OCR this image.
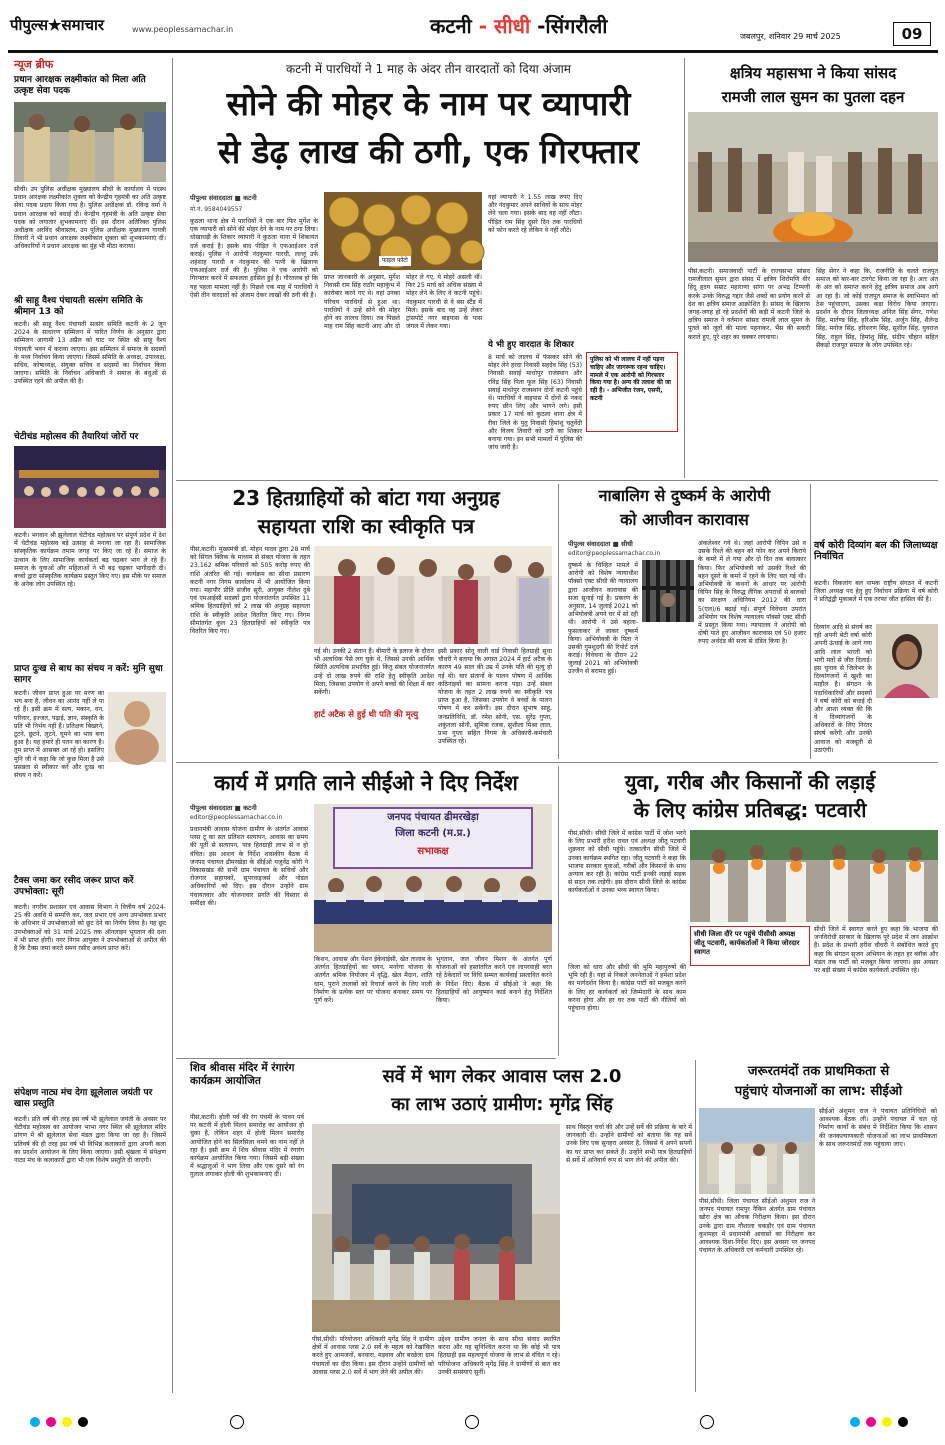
पीपुल्स★समाचार	www.peoplessamachar.in	कटनी - सीधी -सिंगरौली	जबलपुर, शनिवार 29 मार्च 2025	09
न्यूज ब्रीफ
प्रधान आरक्षक लक्ष्मीकांत को मिला अति उत्कृष्ट सेवा पदक
सीधी। उप पुलिस अधीक्षक मुख्यालय सीधी के कार्यालय में पदस्थ प्रधान आरक्षक लक्ष्मीकांत शुक्ला को केन्द्रीय गृहमंत्री का अति उत्कृष्ट सेवा पदक प्रदाय किया गया है। पुलिस अधीक्षक डॉ. रविन्द्र वर्मा ने प्रधान आरक्षक को बधाई दी। केन्द्रीय गृहमंत्री के अति उत्कृष्ट सेवा पदक को लगातार शुभकामनाएं दीं। इस दौरान अतिरिक्त पुलिस अधीक्षक अरविंद श्रीवास्तव, उप पुलिस अधीक्षक मुख्यालय गायत्री तिवारी ने भी प्रधान आरक्षक लक्ष्मीकांत शुक्ला को शुभकामनाएं दीं। अधिकारियों ने प्रधान आरक्षक का मुंह भी मीठा कराया।
श्री साहू वैश्य पंचायती सत्संग समिति के श्रीमान 13 को
कटनी। श्री साहू वैश्य पंचायती सत्संग समिति कटनी के 2 जून 2024 के साधारण सम्मिलन में पारित निर्णय के अनुसार द्वारा सम्मिलन आगामी 13 अप्रैल को घाट पर स्थित श्री साहू वैश्य पंचायती भवन में कराया जाएगा। इस सम्मिलन में समाज के सदस्यों के मध्य निर्वाचन किया जाएगा। जिसमें समिति के अध्यक्ष, उपाध्यक्ष, सचिव, कोषाध्यक्ष, संयुक्त सचिव व सदस्यों का निर्वाचन किया जाएगा। समिति के निर्वाचन अधिकारी ने समाज के बंधुओं से उपस्थित रहने की अपील की है।
चेटीचंड महोत्सव की तैयारियां जोरों पर
कटनी। भगवान श्री झूलेलाल चेटीचंड महोत्सव पर संपूर्ण प्रदेश में देश में चेटीचंड महोत्सव बड़े उत्साह से मनाया जा रहा है। सामाजिक सांस्कृतिक कार्यक्रम तमाम जगह पर किए जा रहे हैं। समाज के उत्थान के लिए सामाजिक कार्यकर्ता बढ़ चढ़कर भाग ले रहे हैं। समाज के युवाओं और महिलाओं ने भी बढ़ चढ़कर भागीदारी दी। बच्चों द्वारा सांस्कृतिक कार्यक्रम प्रस्तुत किए गए। इस मौके पर समाज के अनेक लोग उपस्थित रहे।
प्राप्त दुःख से बाध का संचय न करें: मुनि सुधा सागर
कटनी। जीवन प्राप्त हुआ पर मरण का भय बना है, जीवन का आनंद नहीं ले पा रहे हैं। इसी क्रम में सत्य, मकान, धन, परिवार, इज्जत, पढ़ाई, ज्ञान, संस्कृति के प्रति भी निर्भय नहीं हैं। प्रतिक्षण बिखरने, टूटने, छूटने, लुटने, घूमने का भाव बना हुआ है। यह हमारे ही पतन का कारण है। तुम प्राप्त में आसक्त आ रहे हो। इसलिए मुनि जी ने कहा कि जो कुछ मिला है उसे प्रसन्नता से स्वीकार करें और दुःख का संचय न करें।
टैक्स जमा कर रसीद जरूर प्राप्त करें उपभोक्ता: सूरी
कटनी। नगरीय प्रशासन एवं आवास विभाग ने वित्तीय वर्ष 2024-25 की अवधि में सम्पत्ति कर, जल प्रभार एवं अन्य उपभोक्ता प्रभार के अधिभार में उपभोक्ताओं को छूट देने का निर्णय लिया है। यह छूट उपभोक्ताओं को 31 मार्च 2025 तक ऑनलाइन भुगतान की दशा में भी प्राप्त होगी। नगर निगम आयुक्त ने उपभोक्ताओं से अपील की है कि टैक्स जमा करते समय रसीद अवश्य प्राप्त करें।
संपेक्षण नाट्य मंच देगा झूलेलाल जयंती पर खास प्रस्तुति
कटनी। प्रति वर्ष की तरह इस वर्ष भी झूलेलाल जयंती के अवसर पर चेटीचंड महोत्सव का आयोजन भाभा नगर स्थित श्री झूलेलाल मंदिर प्रांगण में श्री झूलेलाल सेवा मंडल द्वारा किया जा रहा है। जिसमें प्रतिवर्ष की ही तरह इस वर्ष भी विभिन्न कलाकारों द्वारा अपनी कला का प्रदर्शन आयोजन के लिए किया जाएगा। इसी श्रृंखला में संपेक्षण नाट्य मंच के कलाकारों द्वारा भी एक विशेष प्रस्तुति दी जाएगी।
कटनी में पारधियों ने 1 माह के अंदर तीन वारदातों को दिया अंजाम
सोने की मोहर के नाम पर व्यापारी
से डेढ़ लाख की ठगी, एक गिरफ्तार
पीपुल्स संवाददाता ■ कटनी
मो.नं. 9584049557
फाइल फोटो
कुठला थाना क्षेत्र में पारधियों ने एक बार फिर मुर्गेश के एक व्यापारी को सोने की मोहर देने के नाम पर ठगा लिया। धोखाधड़ी के शिकार व्यापारी ने कुठला थाना में शिकायत दर्ज कराई है। इसके बाद पीड़ित ने एफआईआर दर्ज कराई। पुलिस ने आरोपी नंदकुमार पारधी, लल्लू उर्फ शहंशाह पारधी व नंदकुमार की पत्नी के खिलाफ एफआईआर दर्ज की है। पुलिस ने एक आरोपी को गिरफ्तार करने में सफलता हासिल हुई है। गौरतलब हो कि यह पहला मामला नहीं है। पिछले एक माह में पारधियों ने ऐसी तीन वारदातों को अंजाम देकर लाखों की ठगी की है।
प्राप्त जानकारी के अनुसार, मुर्गेश निवासी राम सिंह राठौर महाकुंभ में कारोबार करने गए थे। वहां उनका परिचय पारधियों से हुआ था। पारधियों ने उन्हें सोने की मोहर होने का लालच दिया। तब पिछले माह राम सिंह कटनी आए और दो मोहर ले गए, ये मोहरें असली थीं। फिर 25 मार्च को अधिक संख्या में मोहर लेने के लिए वे कटनी पहुंचे। नंदकुमार पारधी से वे बस स्टैंड में मिले। इसके बाद वह उन्हें लेकर ट्रांसपोर्ट नगर बाइपास के पास जंगल में लेकर गया।
यहां व्यापारी ने 1.55 लाख रुपए दिए और नंदकुमार अपने साथियों के साथ मोहर लेने चला गया। इसके बाद वह नहीं लौटा। पीड़ित राम सिंह दूसरे दिन तक पारधियों को फोन करते रहे लेकिन वे नहीं लौटे।
ये भी हुए वारदात के शिकार
8 मार्च को लालच में फंसकर सोने की मोहर लेने हरदा निवासी सहदेव सिंह (53) निवासी सवाई माधोपुर राजस्थान और रविंद्र सिंह पिता फूल सिंह (63) निवासी सवाई माधोपुर राजस्थान दोनों कटनी पहुंचे थे। पारधियों ने बाइपास में दोनों से नकद रुपए छीन लिए और भागने लगे। इसी प्रकार 17 मार्च को कुठला थाना क्षेत्र में रीवा जिले के पुतु निवासी हिमांशु चतुर्वेदी और विजय तिवारी को ठगी का शिकार बनाया गया। इन सभी मामलों में पुलिस की जांच जारी है।
पुलिस को भी लालच में नहीं पड़ना चाहिए और जागरूक रहना चाहिए। मामले में एक आरोपी को गिरफ्तार किया गया है। अन्य की तलाश की जा रही है। - अभिजीत रंजन, एसपी, कटनी
क्षत्रिय महासभा ने किया सांसद
रामजी लाल सुमन का पुतला दहन
पीसं,कटनी। समाजवादी पार्टी के राज्यसभा सांसद रामजीलाल सुमन द्वारा संसद में क्षत्रिय शिरोमणि वीर हिंदू हृदय सम्राट महाराणा सांगा पर अभद्र टिप्पणी करके उनके विरुद्ध गद्दार जैसे शब्दों का प्रयोग करने से देश का क्षत्रिय समाज आक्रोशित है। सांसद के खिलाफ जगह-जगह हो रहे प्रदर्शनों की कड़ी में कटनी जिले के क्षत्रिय समाज ने वर्तमान सांसद रामजी लाल सुमन के पुतले को जूतों की माला पहनाकर, भैंस की सवारी कराते हुए, पूरे शहर का चक्कर लगवाया।
सिंह सेंगर ने कहा कि, राजनीति के चलते राजपूत समाज को बार-बार टारगेट किया जा रहा है। अतः अंत के अंत को समाप्त करने हेतु क्षत्रिय समाज अब आगे आ रहा है। जो कोई राजपूत समाज के स्वाभिमान को ठेस पहुंचाएगा, उसका कड़ा विरोध किया जाएगा। प्रदर्शन के दौरान जिलाध्यक्ष अनिल सिंह सेंगर, गणेश सिंह, मार्तण्ड सिंह, हरिओम सिंह, अर्जुन सिंह, शैलेन्द्र सिंह, मनोज सिंह, हरिशरण सिंह, सुशील सिंह, युवराज सिंह, राहुल सिंह, हिमांशु सिंह, संदीप चौहान सहित सैकड़ों राजपूत समाज के लोग उपस्थित रहे।
23 हितग्राहियों को बांटा गया अनुग्रह
सहायता राशि का स्वीकृति पत्र
पीसं,कटनी। मुख्यमंत्री डॉ. मोहन यादव द्वारा 28 मार्च को सिंगल क्लिक के माध्यम से संबल योजना के तहत 23,162 श्रमिक परिवारों को 505 करोड़ रुपए की राशि अंतरित की गई। कार्यक्रम का सीधा प्रसारण कटनी नगर निगम कार्यालय में भी आयोजित किया गया। महापौर प्रीति संजीव सूरी, आयुक्त नीलेश दुबे एवं एमआईसी सदस्यों द्वारा योजनांतर्गत उपस्थित 11 श्रमिक हितग्राहियों को 2 लाख की अनुग्रह सहायता राशि के स्वीकृति आदेश वितरित किए गए। निगम सीमांतर्गत कुल 23 हितग्राहियों को स्वीकृति पत्र वितरित किए गए।
गई थी। उनकी 2 संतान हैं। बीमारी के इलाज के दौरान भी अत्यधिक पैसे लग चुके थे, जिससे उनकी आर्थिक स्थिति अत्यधिक प्रभावित हुई। किंतु संबल योजनांतर्गत उन्हें दो लाख रुपये की राशि हेतु स्वीकृति आदेश मिला, जिसका उपयोग वे अपने बच्चों की शिक्षा में कर सकेंगी।
हार्ट अटैक से हुई थी पति की मृत्यु
इसी प्रकार सोनू वाली वार्ड निवासी हितग्राही सुधा चौधरी ने बताया कि अगस्त 2024 में हार्ट अटैक के कारण 49 साल की उम्र में उनके पति की मृत्यु हो गई थी। चार संतानों के पालन पोषण में आर्थिक कठिनाइयों का सामना करना पड़ा। उन्हें संबल योजना के तहत 2 लाख रुपये का स्वीकृति पत्र प्राप्त हुआ है, जिसका उपयोग वे बच्चों के पालन पोषण में कर सकेंगी। इस दौरान सुभाष साहू, जनप्रतिनिधि, डॉ. रमेश सोनी, एस. सुरेंद्र गुप्ता, शकुंतला सोनी, सुमित्रा रजक, सुशीला मिश्रा लाल, प्रभा गुप्ता सहित निगम के अधिकारी-कर्मचारी उपस्थित रहे।
नाबालिग से दुष्कर्म के आरोपी
को आजीवन कारावास
पीपुल्स संवाददाता ■ सीधी
editor@peoplessamachar.co.in
दुष्कर्म के चिन्हित मामले में आरोपी को विशेष न्यायाधीश पॉक्सो एक्ट सीधी की न्यायालय द्वारा आजीवन कारावास की सजा सुनाई गई है। प्रकरण के अनुसार, 14 जुलाई 2021 को अभियोक्त्री अपने घर में सो रही थी। आरोपी ने उसे बहला-फुसलाकर ले जाकर दुष्कर्म किया। अभियोक्त्री के पिता ने उसकी गुमशुदगी की रिपोर्ट दर्ज कराई। विवेचना के दौरान 22 जुलाई 2021 को अभियोक्त्री उज्जैन से बरामद हुई।
अंकलेश्वर गये थे। जहां आरोपी विपिन उसे व उसके रिश्ते की बहन को फोन कर अपने किराये के कमरे में ले गया और दो दिन तक बलात्कार किया। फिर अभियोक्त्री को उसकी रिश्ते की बहन दूसरे के कमरे में रहने के लिए चल गई थी। अभियोक्त्री के कथनों के आधार पर आरोपी विपिन सिंह के विरुद्ध लैंगिक अपराधों से बालकों का संरक्षण अधिनियम 2012 की धारा 5(एल)/6 बढ़ाई गई। संपूर्ण विवेचना उपरांत अभियोग पत्र विशेष न्यायालय पॉक्सो एक्ट सीधी में प्रस्तुत किया गया। न्यायालय ने आरोपी को दोषी पाते हुए आजीवन कारावास एवं 50 हजार रुपए अर्थदंड की सजा से दंडित किया है।
वर्ष कोरी दिव्यांग बल की जिलाध्यक्ष निर्वाचित
कटनी। विकलांग बल नामक राष्ट्रीय संगठन में कटनी जिला अध्यक्ष पद हेतु हुए निर्वाचन प्रक्रिया में वर्ष कोरी ने प्रतिद्वंद्वी मुकाबले में एक तरफा जीत हासिल की है।
दिव्यांग आदि से संघर्ष कर रही अपनी बेटी वर्षा कोरी अपनी ऊंचाई के आगे गया आदि लाल भारती को भारी मतों से जीत दिलाई। इस चुनाव से जिलेभर के दिव्यांगजनों में खुशी का माहौल है। संगठन के पदाधिकारियों और सदस्यों ने वर्षा कोरी को बधाई दी और आशा व्यक्त की कि वे दिव्यांगजनों के अधिकारों के लिए निरंतर संघर्ष करेंगी और उनकी आवाज को मजबूती से उठाएंगी।
कार्य में प्रगति लाने सीईओ ने दिए निर्देश
पीपुल्स संवाददाता ■ कटनी
editor@peoplessamachar.co.in
प्रधानमंत्री आवास योजना ग्रामीण के अंतर्गत आवास प्लस टू का सत प्रतिशत सत्यापन, आवास का समय की पूर्ती से सत्यापन, पात्र हितग्राही लाभ से न हो वंचित। इस आशय के निर्देश शासकीय बैठक में जनपद पंचायत ढीमरखेड़ा के सीईओ यजुवेंद्र कोरी ने विकासखंड की सभी ग्राम पंचायत के सचिवों और रोजगार सहायकों, सुपरवाइजर्स और नोडल अधिकारियों को दिए। इस दौरान उन्होंने ग्राम पंचायतवार और योजनावार प्रगति की विस्तार से समीक्षा की।
जनपद पंचायत ढीमरखेड़ा
जिला कटनी (म.प्र.)
सभाकक्ष
किशन, आवास और पेंशन ईकेवाईसी, खेत तालाब के अंतर्गत हितग्राहियों का चयन, मनरेगा योजना के अंतर्गत श्रमिक नियोजन में वृद्धि, खेल मैदान, शांति धाम, पुराने तालाबों को रिचार्ज करने के लिए नाली निर्माण के प्रत्येक स्तर पर योजना बनाकर समय पर पूर्ण करें।
भुगतान, जल जीवन मिशन के अंतर्गत पूर्ण योजनाओं को हस्तांतरित करने एवं लापरवाही बरत रहे ठेकेदारों पर विधि सम्मत कार्यवाई प्रस्तावित करने के निर्देश दिए। बैठक में सीईओ ने कहा कि हितग्राहियों को आयुष्मान कार्ड बनाने हेतु निर्देशित किया।
युवा, गरीब और किसानों की लड़ाई
के लिए कांग्रेस प्रतिबद्ध: पटवारी
पीसं,सीधी। सीधी जिले में कांग्रेस पार्टी में जोश भरने के लिए प्रभारी हरीश रावत एवं अध्यक्ष जीतू पटवारी शुक्रवार को सीधी पहुंचे। तत्कालीन सीधी जिले में उनका कार्यक्रम स्थगित रहा। जीतू पटवारी ने कहा कि भाजपा सरकार युवाओं, गरीबों और किसानों के साथ अन्याय कर रही है। कांग्रेस पार्टी इनकी लड़ाई सड़क से सदन तक लड़ेगी। इस दौरान सीधी जिले के कांग्रेस कार्यकर्ताओं ने उनका भव्य स्वागत किया।
जिला को धारा और सीधी की भूमि महापुरुषों की भूमि रही है। यहां से निकले जननेताओं ने हमेशा प्रदेश का मार्गदर्शन किया है। कांग्रेस पार्टी को मजबूत करने के लिए हर कार्यकर्ता को जिम्मेदारी के साथ काम करना होगा और हर घर तक पार्टी की नीतियों को पहुंचाना होगा।
सीधी जिला दौरे पर पहुंचे पीसीसी अध्यक्ष जीतू पटवारी, कार्यकर्ताओं ने किया जोरदार स्वागत
सीधी जिले में स्वागत करते हुए कहा कि भाजपा की जनविरोधी सरकार के खिलाफ पूरे प्रदेश में जन आक्रोश है। प्रदेश के प्रभारी हरीश चौधरी ने संबोधित करते हुए कहा कि संगठन सृजन अभियान के तहत हर ब्लॉक और मंडल तक पार्टी को मजबूत किया जाएगा। इस अवसर पर बड़ी संख्या में कांग्रेस कार्यकर्ता उपस्थित रहे।
शिव श्रीवास मंदिर में रंगारंग कार्यक्रम आयोजित
पीसं,कटनी। होली पर्व की रंग पंचमी के पावन पर्व पर कटनी में होली मिलन समारोह का आयोजन हो चुका है, लेकिन शहर में होली मिलन समारोह आयोजित होने का सिलसिला थमने का नाम नहीं ले रहा है। इसी क्रम में शिव श्रीवास मंदिर में रंगारंग कार्यक्रम आयोजित किया गया। जिसमें बड़ी संख्या में श्रद्धालुओं ने भाग लिया और एक दूसरे को रंग गुलाल लगाकर होली की शुभकामनाएं दीं।
सर्वे में भाग लेकर आवास प्लस 2.0
का लाभ उठाएं ग्रामीण: मृगेंद्र सिंह
पीसं,सीधी। परियोजना अधिकारी मृगेंद्र सिंह ने ग्रामीण क्षेत्रों में आवास प्लस 2.0 सर्वे के महत्व को रेखांकित करते हुए आमजनों, बनवारा, मड़वाव और बरछेला ग्राम पंचायतों का दौरा किया। इस दौरान उन्होंने ग्रामीणों को आवास प्लस 2.0 सर्वे में भाग लेने की अपील की।
उद्देश्य ग्रामीण जनता के साथ सीधा संवाद स्थापित करना और यह सुनिश्चित करना था कि कोई भी पात्र हितग्राही इस महत्वपूर्ण योजना के लाभ से वंचित न रहे। परियोजना अधिकारी मृगेंद्र सिंह ने ग्रामीणों से बात कर उनकी समस्याएं सुनीं।
साथ विस्तृत चर्चा की और उन्हें सर्वे की प्रक्रिया के बारे में जानकारी दी। उन्होंने ग्रामीणों को बताया कि यह सर्वे उनके लिए एक सुनहरा अवसर है, जिससे वे अपने सपनों का घर प्राप्त कर सकते हैं। उन्होंने सभी पात्र हितग्राहियों से सर्वे में अनिवार्य रूप से भाग लेने की अपील की।
जरूरतमंदों तक प्राथमिकता से
पहुंचाएं योजनाओं का लाभ: सीईओ
सीईओ अंशुमन राज ने पंचायत प्रतिनिधियों को आवश्यक बैठक ली। उन्होंने पंचायत में चल रहे निर्माण कार्यों के संबंध में निर्देशित किया कि शासन की जनकल्याणकारी योजनाओं का लाभ प्राथमिकता के साथ जरूरतमंदों तक पहुंचाया जाए।
पीसं,सीधी। जिला पंचायत सीईओ अंशुमन राज ने जनपद पंचायत रामपुर नैकिन अंतर्गत ग्राम पंचायत खोरा क्षेत्र का औचक निरीक्षण किया। इस दौरान उनके द्वारा ग्राम गौशाला चकड़ौर एवं ग्राम पंचायत कुशमहर में प्रधानमंत्री आवासों का निरीक्षण कर आवश्यक दिशा-निर्देश दिए। इस अवसर पर जनपद पंचायत के अधिकारी एवं कर्मचारी उपस्थित रहे।
